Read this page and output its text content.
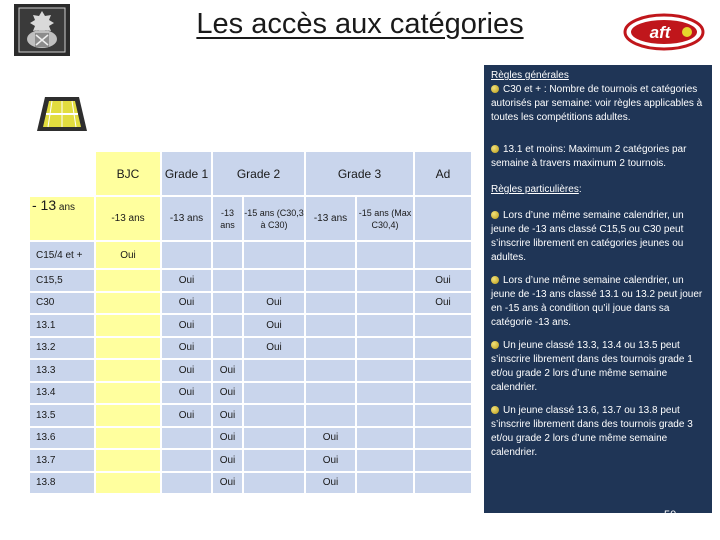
Les accès aux catégories	aft
	BJC	Grade 1	Grade 2		Grade 3		Ad
- 13 ans	-13 ans	-13 ans	-13 ans	-15 ans (C30,3 à C30)	-13 ans	-15 ans (Max C30,4)	
C15/4 et +	Oui						
C15,5		Oui					Oui
C30		Oui		Oui			Oui
13.1		Oui		Oui			
13.2		Oui		Oui			
13.3		Oui	Oui				
13.4		Oui	Oui				
13.5		Oui	Oui				
13.6			Oui		Oui		
13.7			Oui		Oui		
13.8			Oui		Oui		

Règles générales

C30 et + : Nombre de tournois et catégories autorisés par semaine: voir règles applicables à toutes les compétitions adultes.

13.1 et moins: Maximum 2 catégories par semaine à travers maximum 2 tournois.

Règles particulières:

Lors d’une même semaine calendrier, un jeune de -13 ans classé C15,5 ou C30 peut s’inscrire librement en catégories jeunes ou adultes.

Lors d’une même semaine calendrier, un jeune de -13 ans classé 13.1 ou 13.2 peut jouer en -15 ans à condition qu’il joue dans sa catégorie -13 ans.

Un jeune classé 13.3, 13.4 ou 13.5 peut s’inscrire librement dans des tournois grade 1 et/ou grade 2 lors d’une même semaine calendrier.

Un jeune classé 13.6, 13.7 ou 13.8 peut s’inscrire librement dans des tournois grade 3 et/ou grade 2 lors d’une même semaine calendrier.

50
